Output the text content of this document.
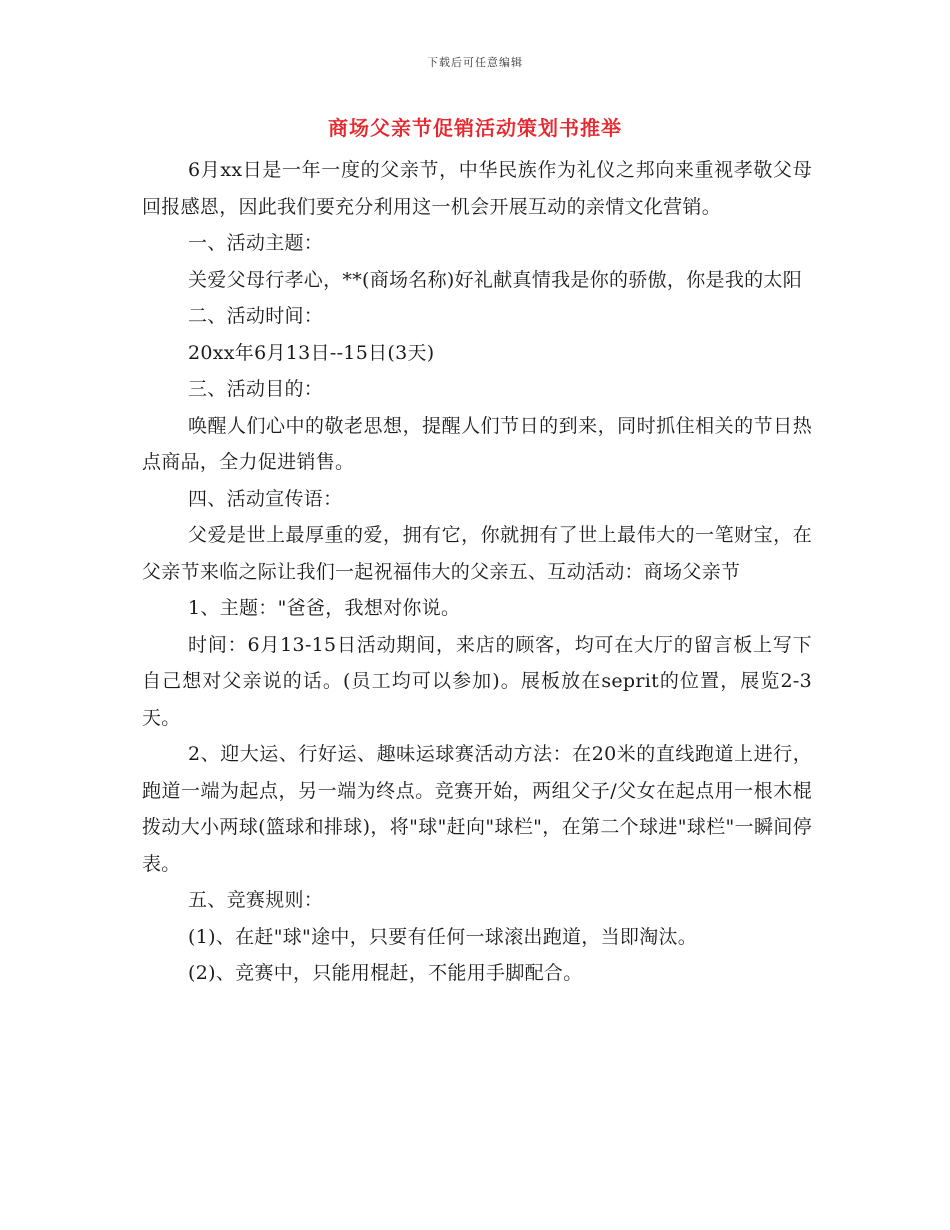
下载后可任意编辑
商场父亲节促销活动策划书推举

6月xx日是一年一度的父亲节，中华民族作为礼仪之邦向来重视孝敬父母回报感恩，因此我们要充分利用这一机会开展互动的亲情文化营销。

一、活动主题：

关爱父母行孝心，**(商场名称)好礼献真情我是你的骄傲，你是我的太阳

二、活动时间：

20xx年6月13日--15日(3天)

三、活动目的：

唤醒人们心中的敬老思想，提醒人们节日的到来，同时抓住相关的节日热点商品，全力促进销售。

四、活动宣传语：

父爱是世上最厚重的爱，拥有它，你就拥有了世上最伟大的一笔财宝，在父亲节来临之际让我们一起祝福伟大的父亲五、互动活动：商场父亲节

1、主题："爸爸，我想对你说。

时间：6月13-15日活动期间，来店的顾客，均可在大厅的留言板上写下自己想对父亲说的话。(员工均可以参加)。展板放在seprit的位置，展览2-3天。

2、迎大运、行好运、趣味运球赛活动方法：在20米的直线跑道上进行，跑道一端为起点，另一端为终点。竞赛开始，两组父子/父女在起点用一根木棍拨动大小两球(篮球和排球)，将"球"赶向"球栏"，在第二个球进"球栏"一瞬间停表。

五、竞赛规则：

(1)、在赶"球"途中，只要有任何一球滚出跑道，当即淘汰。

(2)、竞赛中，只能用棍赶，不能用手脚配合。
